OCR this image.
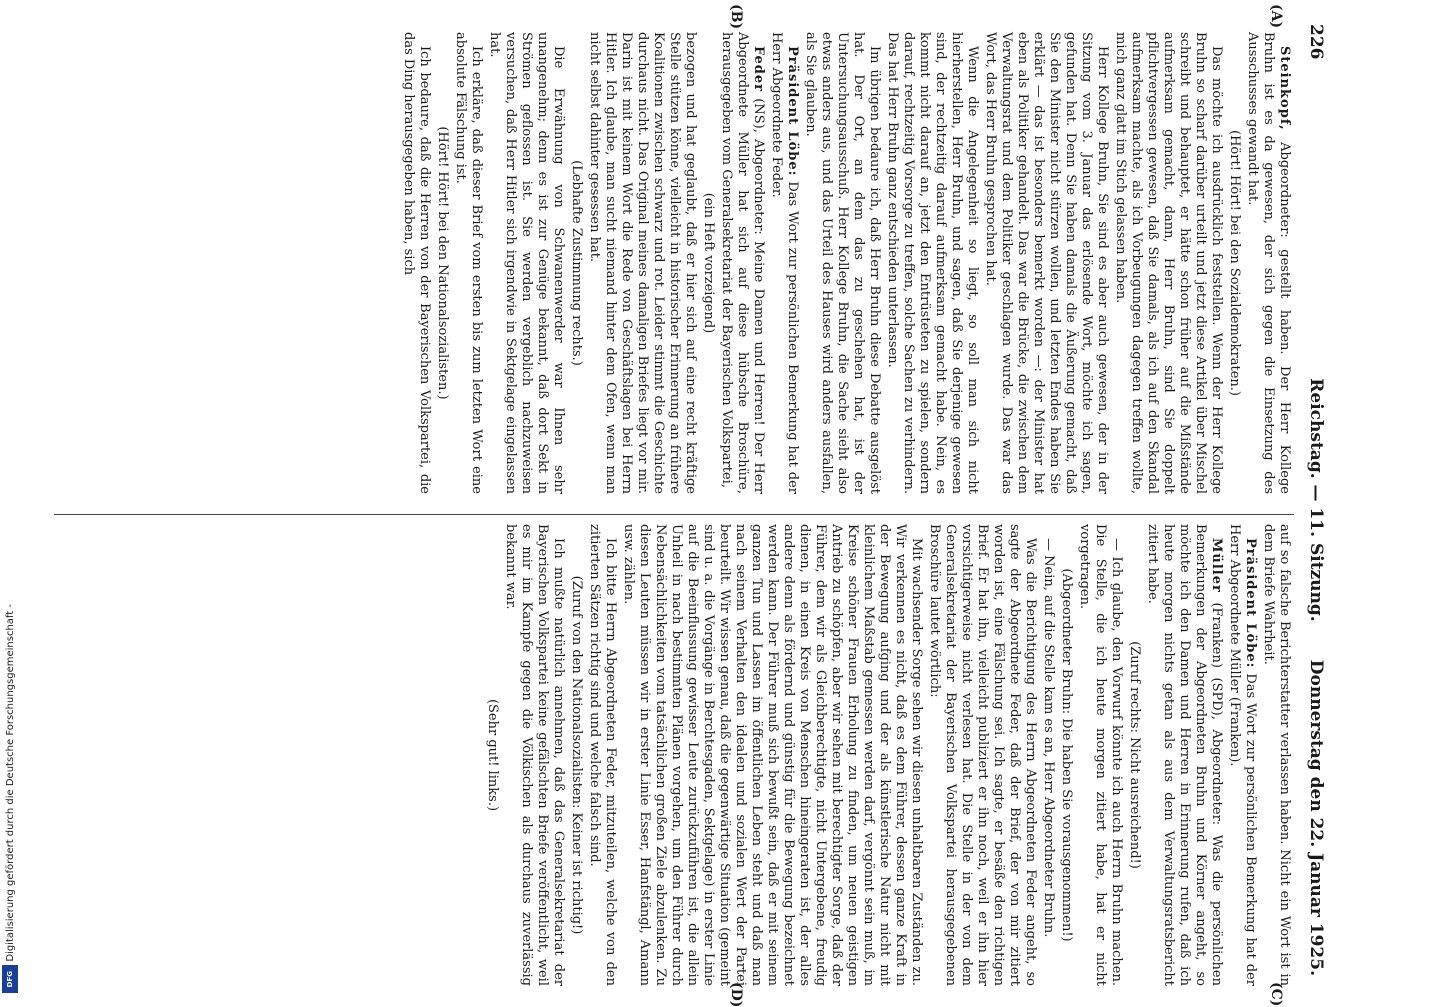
226
Reichstag. — 11. Sitzung.
Donnerstag den 22. Januar 1925.
(A)
(B)
(C)
(D)

Steinkopf, Abgeordneter: gestellt haben. Der Herr Kollege Bruhn ist es da gewesen, der sich gegen die Einsetzung des Ausschusses gewandt hat.

(Hört! Hört! bei den Sozialdemokraten.)

Das möchte ich ausdrücklich feststellen. Wenn der Herr Kollege Bruhn so scharf darüber urteilt und jetzt diese Artikel über Mischel schreibt und behauptet, er hätte schon früher auf die Mißstände aufmerksam gemacht, dann, Herr Bruhn, sind Sie doppelt pflichtvergessen gewesen, daß Sie damals, als ich auf den Skandal aufmerksam machte, als ich Vorbeugungen dagegen treffen wollte, mich ganz glatt im Stich gelassen haben.

Herr Kollege Bruhn, Sie sind es aber auch gewesen, der in der Sitzung vom 3. Januar das erlösende Wort, möchte ich sagen, gefunden hat. Denn Sie haben damals die Äußerung gemacht, daß Sie den Minister nicht stürzen wollen, und letzten Endes haben Sie erklärt — das ist besonders bemerkt worden —: der Minister hat eben als Politiker gehandelt. Das war die Brücke, die zwischen dem Verwaltungsrat und dem Politiker geschlagen wurde. Das war das Wort, das Herr Bruhn gesprochen hat.

Wenn die Angelegenheit so liegt, so soll man sich nicht hierherstellen, Herr Bruhn, und sagen, daß Sie derjenige gewesen sind, der rechtzeitig darauf aufmerksam gemacht habe. Nein, es kommt nicht darauf an, jetzt den Entrüsteten zu spielen, sondern darauf, rechtzeitig Vorsorge zu treffen, solche Sachen zu verhindern. Das hat Herr Bruhn ganz entschieden unterlassen.

Im übrigen bedaure ich, daß Herr Bruhn diese Debatte ausgelöst hat. Der Ort, an dem das zu geschehen hat, ist der Untersuchungsausschuß. Herr Kollege Bruhn, die Sache sieht also etwas anders aus, und das Urteil des Hauses wird anders ausfallen, als Sie glauben.

Präsident Löbe: Das Wort zur persönlichen Bemerkung hat der Herr Abgeordnete Feder.

Feder (NS), Abgeordneter: Meine Damen und Herren! Der Herr Abgeordnete Müller hat sich auf diese hübsche Broschüre, herausgegeben vom Generalsekretariat der Bayerischen Volkspartei,

(ein Heft vorzeigend)

bezogen und hat geglaubt, daß er hier sich auf eine recht kräftige Stelle stützen könne, vielleicht in historischer Erinnerung an frühere Koalitionen zwischen schwarz und rot. Leider stimmt die Geschichte durchaus nicht. Das Original meines damaligen Briefes liegt vor mir. Darin ist mit keinem Wort die Rede von Geschäftslagen bei Herrn Hitler. Ich glaube, man sucht niemand hinter dem Ofen, wenn man nicht selbst dahinter gesessen hat.

(Lebhafte Zustimmung rechts.)

Die Erwähnung von Schwanenwerder war Ihnen sehr unangenehm; denn es ist zur Genüge bekannt, daß dort Sekt in Strömen geflossen ist. Sie werden vergeblich nachzuweisen versuchen, daß Herr Hitler sich irgendwie in Sektgelage eingelassen hat.

Ich erkläre, daß dieser Brief vom ersten bis zum letzten Wort eine absolute Fälschung ist.

(Hört! Hört! bei den Nationalsozialisten.)

Ich bedaure, daß die Herren von der Bayerischen Volkspartei, die das Ding herausgegeben haben, sich

auf so falsche Berichterstatter verlassen haben. Nicht ein Wort ist in dem Briefe Wahrheit.

Präsident Löbe: Das Wort zur persönlichen Bemerkung hat der Herr Abgeordnete Müller (Franken).

Müller (Franken) (SPD), Abgeordneter: Was die persönlichen Bemerkungen der Abgeordneten Bruhn und Körner angeht, so möchte ich den Damen und Herren in Erinnerung rufen, daß ich heute morgen nichts getan als aus dem Verwaltungsratsbericht zitiert habe.

(Zuruf rechts: Nicht ausreichend!)

— Ich glaube, den Vorwurf könnte ich auch Herrn Bruhn machen. Die Stelle, die ich heute morgen zitiert habe, hat er nicht vorgetragen.

(Abgeordneter Bruhn: Die haben Sie vorausgenommen!)

— Nein, auf die Stelle kam es an, Herr Abgeordneter Bruhn.

Was die Berichtigung des Herrn Abgeordneten Feder angeht, so sagte der Abgeordnete Feder, daß der Brief, der von mir zitiert worden ist, eine Fälschung sei. Ich sagte, er besäße den richtigen Brief. Er hat ihn, vielleicht publiziert er ihn noch, weil er ihn hier vorsichtigerweise nicht verlesen hat. Die Stelle in der von dem Generalsekretariat der Bayerischen Volkspartei herausgegebenen Broschüre lautet wörtlich:

Mit wachsender Sorge sehen wir diesen unhaltbaren Zuständen zu. Wir verkennen es nicht, daß es dem Führer, dessen ganze Kraft in der Bewegung aufging und der als künstlerische Natur nicht mit kleinlichem Maßstab gemessen werden darf, vergönnt sein muß, im Kreise schöner Frauen Erholung zu finden, um neuen geistigen Antrieb zu schöpfen, aber wir sehen mit berechtigter Sorge, daß der Führer, dem wir als Gleichberechtigte, nicht Untergebene, freudig dienen, in einen Kreis von Menschen hineingeraten ist, der alles andere denn als fördernd und günstig für die Bewegung bezeichnet werden kann. Der Führer muß sich bewußt sein, daß er mit seinem ganzen Tun und Lassen im öffentlichen Leben steht und daß man nach seinem Verhalten den idealen und sozialen Wert der Partei beurteilt. Wir wissen genau, daß die gegenwärtige Situation (gemeint sind u. a. die Vorgänge in Berchtesgaden, Sektgelage) in erster Linie auf die Beeinflussung gewisser Leute zurückzuführen ist, die allein Unheil in nach bestimmten Plänen vorgehen, um den Führer durch Nebensächlichkeiten vom tatsächlichen großen Ziele abzulenken. Zu diesen Leuten müssen wir in erster Linie Esser, Hanfstängl, Amann usw. zählen.

Ich bitte Herrn Abgeordneten Feder, mitzuteilen, welche von den zitierten Sätzen richtig sind und welche falsch sind.

(Zuruf von den Nationalsozialisten: Keiner ist richtig!)

Ich mußte natürlich annehmen, daß das Generalsekretariat der Bayerischen Volkspartei keine gefälschten Briefe veröffentlicht, weil es mir im Kampfe gegen die Völkischen als durchaus zuverlässig bekannt war.

(Sehr gut! links.)

Digitalisierung gefördert durch die Deutsche Forschungsgemeinschaft -
DFG
